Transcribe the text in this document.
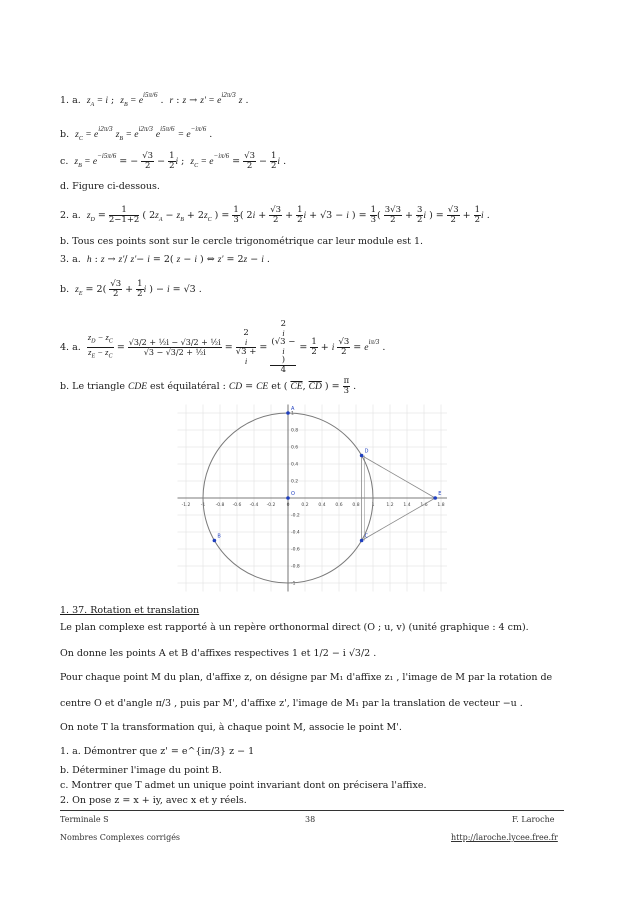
1. a. $z_A = i$ ;  $z_B = e^{i5\pi/6}$ .  r : $z \to z' = e^{i2\pi/3}$ z .
b. $z_C = e^{i2\pi/3}$ $z_B = e^{i2\pi/3}$ $e^{i5\pi/6} = e^{-i\pi/6}$ .
c. $z_B = e^{-i5\pi/6}$ = − $\frac{√3}{2} - \frac{1}{2}$ i ;  $z_C = e^{-i\pi/6} = \frac{√3}{2} - \frac{1}{2}$ i .
d. Figure ci-dessous.
2. a. $z_D = \frac{1}{2-1+2}$ ( $2z_A - z_B + 2z_C$ ) = $\frac{1}{3}$ ( $2i + \frac{√3}{2} + \frac{1}{2}$ i + √3 − i ) = $\frac{1}{3}$ ( $\frac{3√3}{2} + \frac{3}{2}$ i ) = $\frac{√3}{2} + \frac{1}{2}$ i .
b. Tous ces points sont sur le cercle trigonométrique car leur module est 1.
3. a. h : z → z'/ z'− i = 2( z − i ) ⇔ z' = 2z − i .
b. $z_E = 2( \frac{√3}{2} + \frac{1}{2}$ i ) − i = √3 .
4. a. $\frac{z_D - z_C}{z_E - z_C} = \frac{\text{√3/2 + ½i − √3/2 + ½i}}{\text{√3 − √3/2 + ½i}} = 2$
i
√3 +
i = 2
i
(√3 −
i
)
$4 = \frac{1}{2} + i \frac{√3}{2} = e^{i\pi/3}$ .
b. Le triangle CDE est équilatéral : CD = CE et ( $\overline{CE}$, $\overline{CD}$ ) = $\frac{\pi}{3}$ .
-1.2 -1 -0.8 -0.6 -0.4 -0.2 0	0.2 0.4 0.6 0.8	1	1.2 1.4 1.6 1.8
1
0.8
0.6
0.4
0.2
-0.2
-0.4
-0.6
-0.8
-1
A
B	C
D
E
O
1. 37. Rotation et translation
Le plan complexe est rapporté à un repère orthonormal direct (O ; u, v) (unité graphique : 4 cm).
On donne les points A et B d'affixes respectives 1 et 1/2 − i √3/2 .
Pour chaque point M du plan, d'affixe z, on désigne par M₁ d'affixe z₁ , l'image de M par la rotation de
centre O et d'angle π/3 , puis par M', d'affixe z', l'image de M₁ par la translation de vecteur −u .
On note T la transformation qui, à chaque point M, associe le point M'.
1. a. Démontrer que z' = e^{iπ/3} z − 1
b. Déterminer l'image du point B.
c. Montrer que T admet un unique point invariant dont on précisera l'affixe.
2. On pose z = x + iy, avec x et y réels.
Terminale S
Nombres Complexes corrigés
38	F. Laroche
http://laroche.lycee.free.fr
